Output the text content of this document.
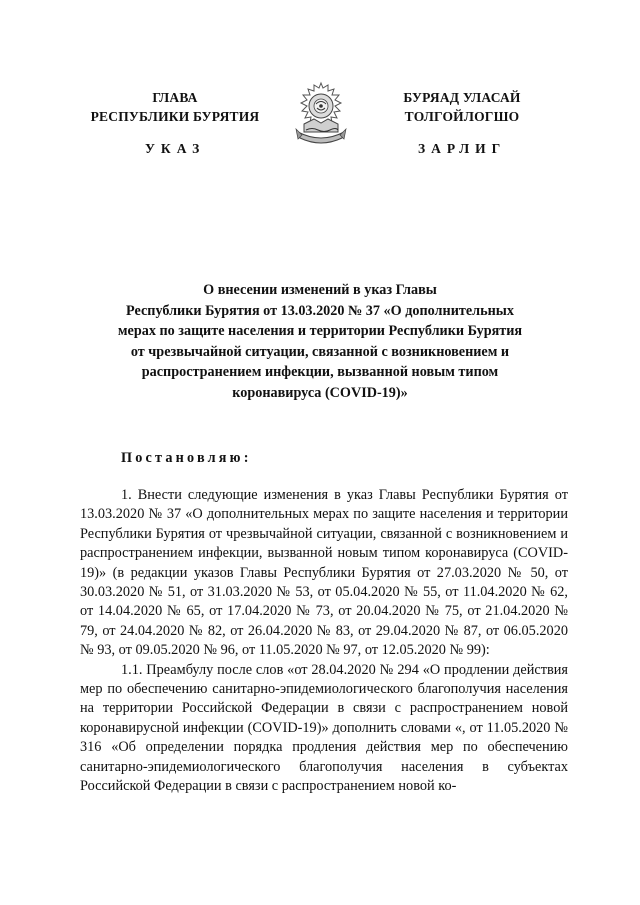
ГЛАВА
РЕСПУБЛИКИ БУРЯТИЯ
БУРЯАД УЛАСАЙ
ТОЛГОЙЛОГШО
УКАЗ	ЗАРЛИГ
О внесении изменений в указ Главы
Республики Бурятия от 13.03.2020 № 37 «О дополнительных
мерах по защите населения и территории Республики Бурятия
от чрезвычайной ситуации, связанной с возникновением и
распространением инфекции, вызванной новым типом
коронавируса (COVID-19)»
Постановляю:

1. Внести следующие изменения в указ Главы Республики Бурятия от 13.03.2020 № 37 «О дополнительных мерах по защите населения и территории Республики Бурятия от чрезвычайной ситуации, связанной с возникновением и распространением инфекции, вызванной новым типом коронавируса (COVID-19)» (в редакции указов Главы Республики Бурятия от 27.03.2020 № 50, от 30.03.2020 № 51, от 31.03.2020 № 53, от 05.04.2020 № 55, от 11.04.2020 № 62, от 14.04.2020 № 65, от 17.04.2020 № 73, от 20.04.2020 № 75, от 21.04.2020 № 79, от 24.04.2020 № 82, от 26.04.2020 № 83, от 29.04.2020 № 87, от 06.05.2020 № 93, от 09.05.2020 № 96, от 11.05.2020 № 97, от 12.05.2020 № 99):

1.1. Преамбулу после слов «от 28.04.2020 № 294 «О продлении действия мер по обеспечению санитарно-эпидемиологического благополучия населения на территории Российской Федерации в связи с распространением новой коронавирусной инфекции (COVID-19)» дополнить словами «, от 11.05.2020 № 316 «Об определении порядка продления действия мер по обеспечению санитарно-эпидемиологического благополучия населения в субъектах Российской Федерации в связи с распространением новой ко-
